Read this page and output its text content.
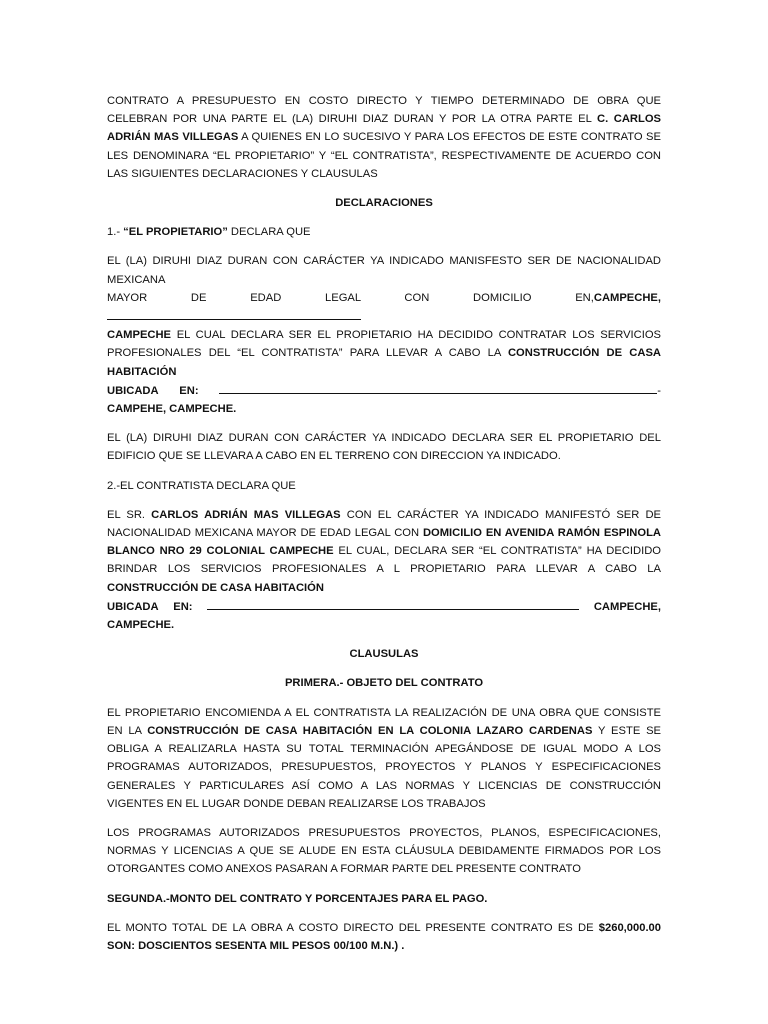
CONTRATO A PRESUPUESTO EN COSTO DIRECTO Y TIEMPO DETERMINADO DE OBRA QUE CELEBRAN POR UNA PARTE EL (LA) DIRUHI DIAZ DURAN Y POR LA OTRA PARTE EL C. CARLOS ADRIÁN MAS VILLEGAS A QUIENES EN LO SUCESIVO Y PARA LOS EFECTOS DE ESTE CONTRATO SE LES DENOMINARA “EL PROPIETARIO” Y “EL CONTRATISTA”, RESPECTIVAMENTE DE ACUERDO CON LAS SIGUIENTES DECLARACIONES Y CLAUSULAS

DECLARACIONES

1.- “EL PROPIETARIO” DECLARA QUE

EL (LA) DIRUHI DIAZ DURAN CON CARÁCTER YA INDICADO MANISFESTO SER DE NACIONALIDAD MEXICANA
MAYOR DE EDAD LEGAL CON DOMICILIO EN, CAMPECHE,
CAMPECHE EL CUAL DECLARA SER EL PROPIETARIO HA DECIDIDO CONTRATAR LOS SERVICIOS PROFESIONALES DEL “EL CONTRATISTA” PARA LLEVAR A CABO LA CONSTRUCCIÓN DE CASA HABITACIÓN
UBICADA EN:	-
CAMPEHE, CAMPECHE.

EL (LA) DIRUHI DIAZ DURAN CON CARÁCTER YA INDICADO DECLARA SER EL PROPIETARIO DEL EDIFICIO QUE SE LLEVARA A CABO EN EL TERRENO CON DIRECCION YA INDICADO.

2.-EL CONTRATISTA DECLARA QUE

EL SR. CARLOS ADRIÁN MAS VILLEGAS CON EL CARÁCTER YA INDICADO MANIFESTÓ SER DE NACIONALIDAD MEXICANA MAYOR DE EDAD LEGAL CON DOMICILIO EN AVENIDA RAMÓN ESPINOLA BLANCO NRO 29 COLONIAL CAMPECHE EL CUAL, DECLARA SER “EL CONTRATISTA” HA DECIDIDO BRINDAR LOS SERVICIOS PROFESIONALES A L PROPIETARIO PARA LLEVAR A CABO LA CONSTRUCCIÓN DE CASA HABITACIÓN
UBICADA EN:	CAMPECHE,
CAMPECHE.

CLAUSULAS

PRIMERA.- OBJETO DEL CONTRATO

EL PROPIETARIO ENCOMIENDA A EL CONTRATISTA LA REALIZACIÓN DE UNA OBRA QUE CONSISTE EN LA CONSTRUCCIÓN DE CASA HABITACIÓN EN LA COLONIA LAZARO CARDENAS Y ESTE SE OBLIGA A REALIZARLA HASTA SU TOTAL TERMINACIÓN APEGÁNDOSE DE IGUAL MODO A LOS PROGRAMAS AUTORIZADOS, PRESUPUESTOS, PROYECTOS Y PLANOS Y ESPECIFICACIONES GENERALES Y PARTICULARES ASÍ COMO A LAS NORMAS Y LICENCIAS DE CONSTRUCCIÓN VIGENTES EN EL LUGAR DONDE DEBAN REALIZARSE LOS TRABAJOS

LOS PROGRAMAS AUTORIZADOS PRESUPUESTOS PROYECTOS, PLANOS, ESPECIFICACIONES, NORMAS Y LICENCIAS A QUE SE ALUDE EN ESTA CLÁUSULA DEBIDAMENTE FIRMADOS POR LOS OTORGANTES COMO ANEXOS PASARAN A FORMAR PARTE DEL PRESENTE CONTRATO

SEGUNDA.-MONTO DEL CONTRATO Y PORCENTAJES PARA EL PAGO.

EL MONTO TOTAL DE LA OBRA A COSTO DIRECTO DEL PRESENTE CONTRATO ES DE $260,000.00 SON: DOSCIENTOS SESENTA MIL PESOS 00/100 M.N.) .
